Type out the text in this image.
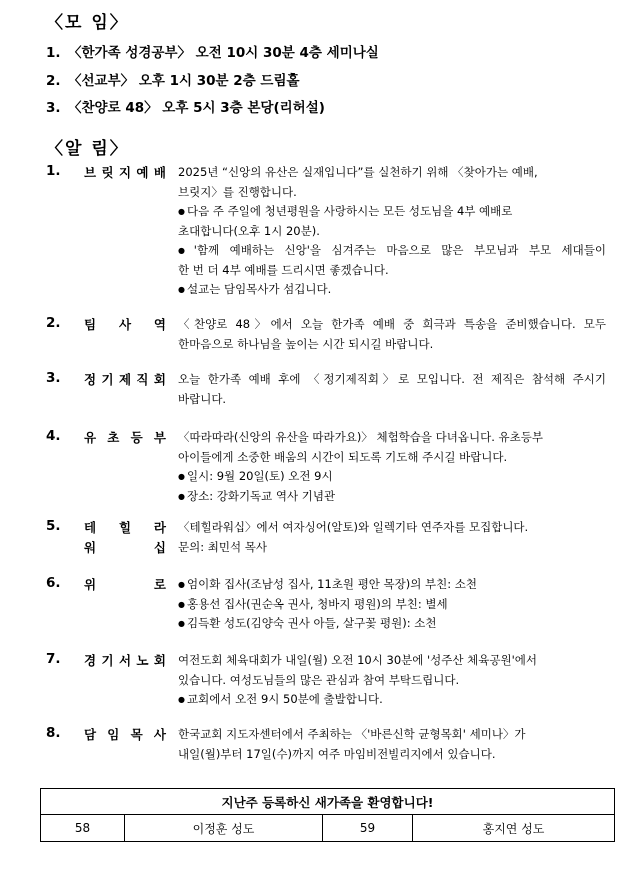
〈모 임〉
1. 〈한가족 성경공부〉 오전 10시 30분 4층 세미나실
2. 〈선교부〉 오후 1시 30분 2층 드림홀
3. 〈찬양로 48〉 오후 5시 3층 본당(리허설)
〈알 림〉
1. 브 릿 지 예 배 2025년 “신앙의 유산은 실재입니다”를 실천하기 위해 〈찾아가는 예배,

브릿지〉를 진행합니다.

● 다음 주 주일에 청년평원을 사랑하시는 모든 성도님을 4부 예배로

초대합니다(오후 1시 20분).

● '함께 예배하는 신앙'을 심겨주는 마음으로 많은 부모님과 부모 세대들이

한 번 더 4부 예배를 드리시면 좋겠습니다.

● 설교는 담임목사가 섬깁니다.

2. 팀 사 역 〈찬양로 48〉에서 오늘 한가족 예배 중 희극과 특송을 준비했습니다. 모두

한마음으로 하나님을 높이는 시간 되시길 바랍니다.

3. 정 기 제 직 회 오늘 한가족 예배 후에 〈정기제직회〉로 모입니다. 전 제직은 참석해 주시기

바랍니다.

4. 유 초 등 부 〈따라따라(신앙의 유산을 따라가요)〉 체험학습을 다녀옵니다. 유초등부

아이들에게 소중한 배움의 시간이 되도록 기도해 주시길 바랍니다.

● 일시: 9월 20일(토) 오전 9시

● 장소: 강화기독교 역사 기념관

5. 테 힐 라
워	십

〈테힐라워십〉에서 여자싱어(알토)와 일렉기타 연주자를 모집합니다.

문의: 최민석 목사

6. 위	로

●	엄이화 집사(조남성 집사, 11초원 평안 목장)의 부친: 소천

● 홍용선 집사(권순옥 권사, 청바지 평원)의 부친: 별세

● 김득환 성도(김양숙 권사 아들, 살구꽃 평원): 소천

7. 경 기 서 노 회 여전도회 체육대회가 내일(월) 오전 10시 30분에 '성주산 체육공원'에서

있습니다. 여성도님들의 많은 관심과 참여 부탁드립니다.

● 교회에서 오전 9시 50분에 출발합니다.

8. 담 임 목 사 한국교회 지도자센터에서 주최하는 〈'바른신학 균형목회' 세미나〉가

내일(월)부터 17일(수)까지 여주 마임비전빌리지에서 있습니다.

지난주 등록하신 새가족을 환영합니다!
58	이정훈 성도	59	홍지연 성도
